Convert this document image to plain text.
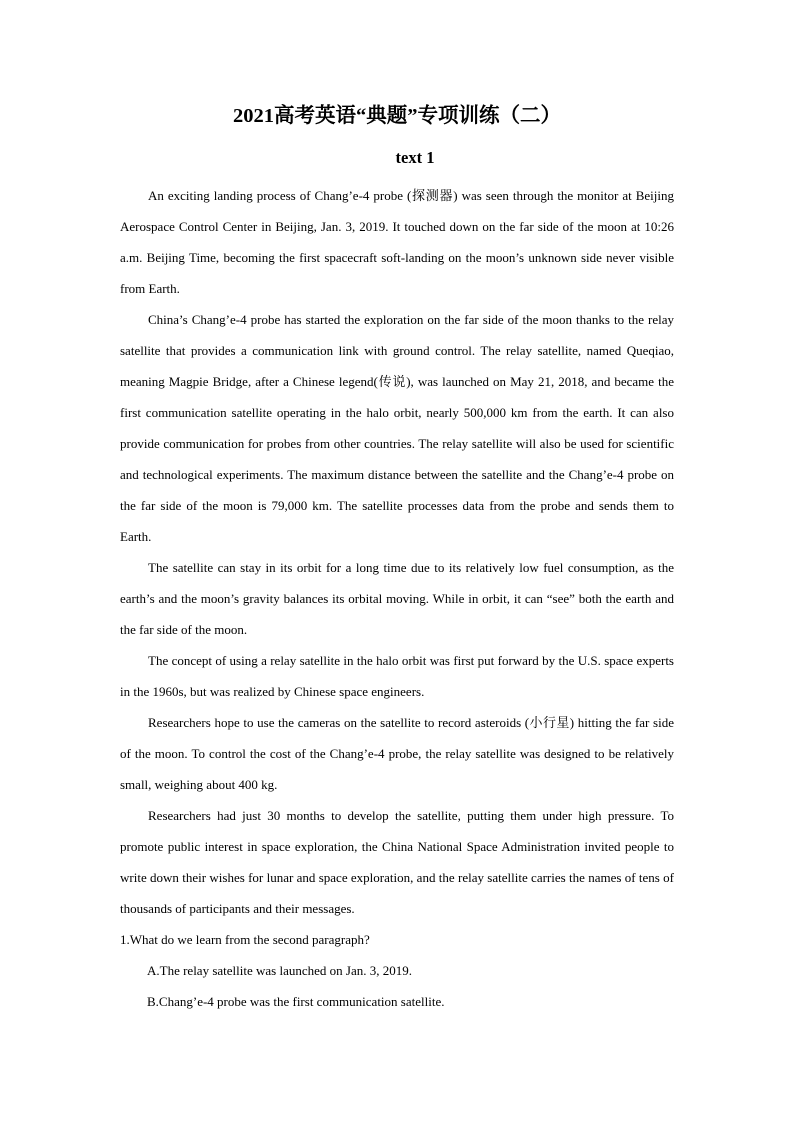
2021高考英语“典题”专项训练（二）
text 1

An exciting landing process of Chang’e-4 probe (探测器) was seen through the monitor at Beijing Aerospace Control Center in Beijing, Jan. 3, 2019. It touched down on the far side of the moon at 10:26 a.m. Beijing Time, becoming the first spacecraft soft-landing on the moon’s unknown side never visible from Earth.

China’s Chang’e-4 probe has started the exploration on the far side of the moon thanks to the relay satellite that provides a communication link with ground control. The relay satellite, named Queqiao, meaning Magpie Bridge, after a Chinese legend(传说), was launched on May 21, 2018, and became the first communication satellite operating in the halo orbit, nearly 500,000 km from the earth. It can also provide communication for probes from other countries. The relay satellite will also be used for scientific and technological experiments. The maximum distance between the satellite and the Chang’e-4 probe on the far side of the moon is 79,000 km. The satellite processes data from the probe and sends them to Earth.

The satellite can stay in its orbit for a long time due to its relatively low fuel consumption, as the earth’s and the moon’s gravity balances its orbital moving. While in orbit, it can “see” both the earth and the far side of the moon.

The concept of using a relay satellite in the halo orbit was first put forward by the U.S. space experts in the 1960s, but was realized by Chinese space engineers.

Researchers hope to use the cameras on the satellite to record asteroids (小行星) hitting the far side of the moon. To control the cost of the Chang’e-4 probe, the relay satellite was designed to be relatively small, weighing about 400 kg.

Researchers had just 30 months to develop the satellite, putting them under high pressure. To promote public interest in space exploration, the China National Space Administration invited people to write down their wishes for lunar and space exploration, and the relay satellite carries the names of tens of thousands of participants and their messages.

1.What do we learn from the second paragraph?

A.The relay satellite was launched on Jan. 3, 2019.

B.Chang’e-4 probe was the first communication satellite.
